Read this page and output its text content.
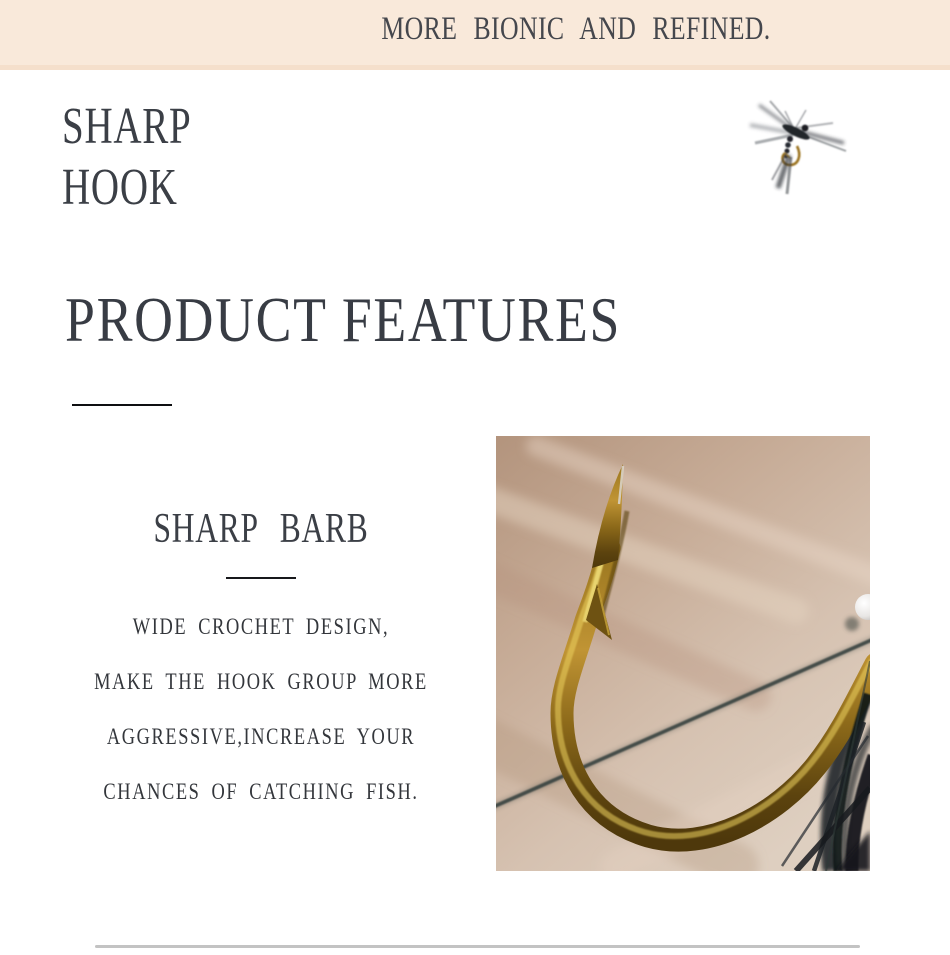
MORE BIONIC AND REFINED.
SHARP
HOOK
PRODUCT FEATURES
SHARP BARB
WIDE CROCHET DESIGN,
MAKE THE HOOK GROUP MORE
AGGRESSIVE,INCREASE YOUR
CHANCES OF CATCHING FISH.
